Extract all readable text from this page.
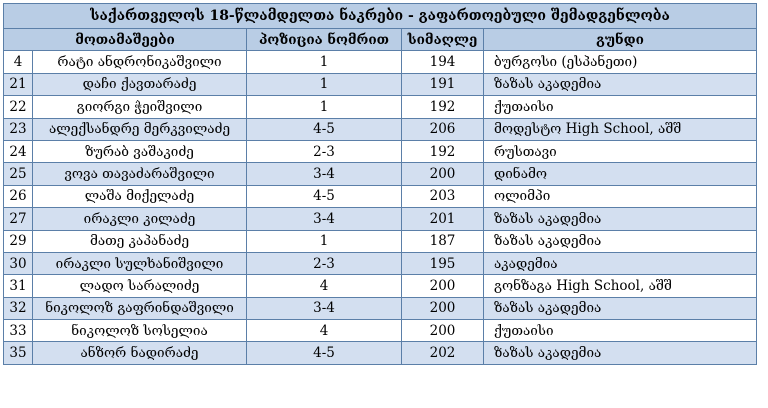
საქართველოს 18-წლამდელთა ნაკრები - გაფართოებული შემადგენლობა				
მოთამაშეები		პოზიცია ნომრით	სიმაღლე	გუნდი
4	რატი ანდრონიკაშვილი	1	194	ბურგოსი (ესპანეთი)
21	დაჩი ქავთარაძე	1	191	ზაზას აკადემია
22	გიორგი ჭეიშვილი	1	192	ქუთაისი
23	ალექსანდრე მერკვილაძე	4-5	206	მოდესტო High School, აშშ
24	ზურაბ ვაშაკიძე	2-3	192	რუსთავი
25	ვოვა თავაძარაშვილი	3-4	200	დინამო
26	ლაშა მიქელაძე	4-5	203	ოლიმპი
27	ირაკლი კილაძე	3-4	201	ზაზას აკადემია
29	მათე კაპანაძე	1	187	ზაზას აკადემია
30	ირაკლი სულხანიშვილი	2-3	195	აკადემია
31	ლადო სარალიძე	4	200	გონზაგა High School, აშშ
32	ნიკოლოზ გაფრინდაშვილი	3-4	200	ზაზას აკადემია
33	ნიკოლოზ სოსელია	4	200	ქუთაისი
35	ანზორ ნადირაძე	4-5	202	ზაზას აკადემია
